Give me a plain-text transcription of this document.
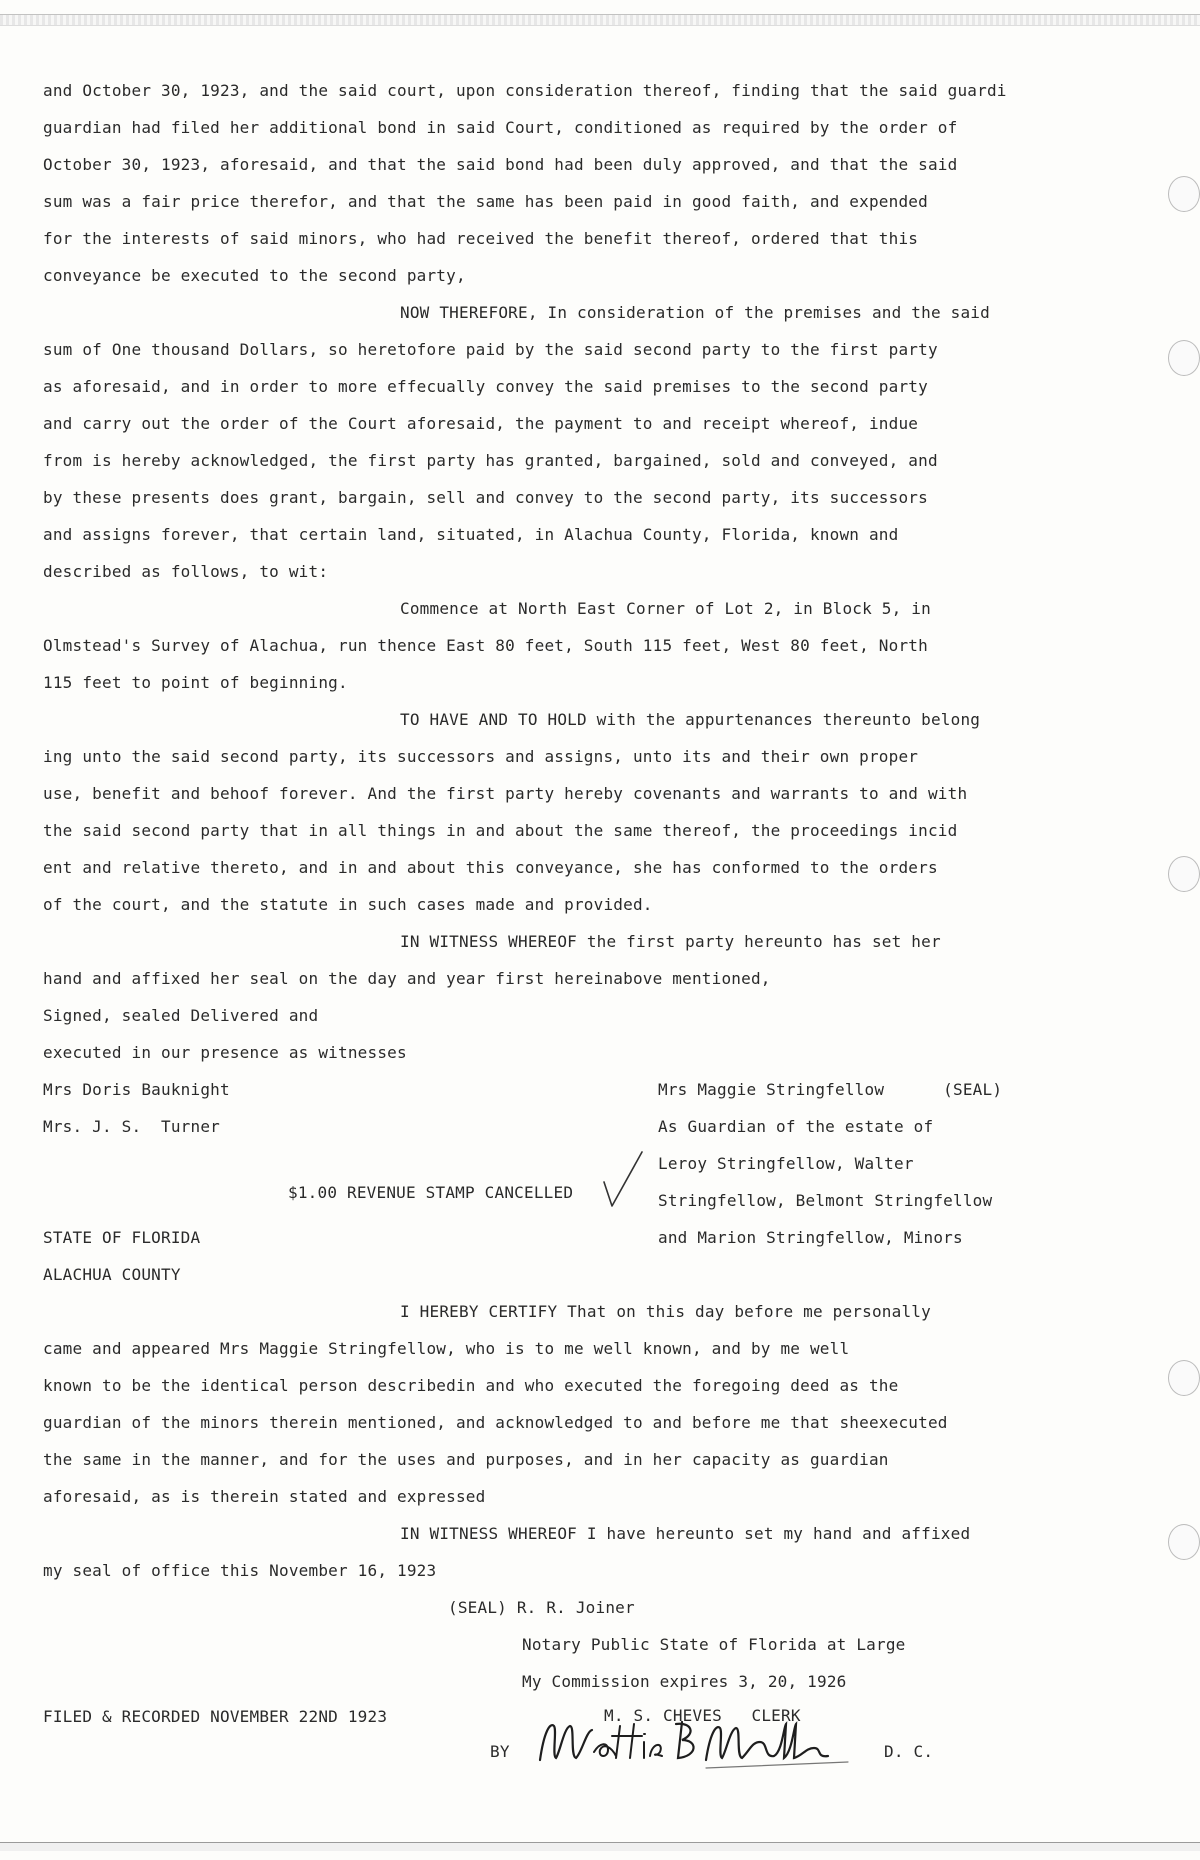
and October 30, 1923, and the said court, upon consideration thereof, finding that the said guardi
guardian had filed her additional bond in said Court, conditioned as required by the order of
October 30, 1923, aforesaid, and that the said bond had been duly approved, and that the said
sum was a fair price therefor, and that the same has been paid in good faith, and expended
for the interests of said minors, who had received the benefit thereof, ordered that this
conveyance be executed to the second party,
NOW THEREFORE, In consideration of the premises and the said
sum of One thousand Dollars, so heretofore paid by the said second party to the first party
as aforesaid, and in order to more effecually convey the said premises to the second party
and carry out the order of the Court aforesaid, the payment to and receipt whereof, indue
from is hereby acknowledged, the first party has granted, bargained, sold and conveyed, and
by these presents does grant, bargain, sell and convey to the second party, its successors
and assigns forever, that certain land, situated, in Alachua County, Florida, known and
described as follows, to wit:
Commence at North East Corner of Lot 2, in Block 5, in
Olmstead's Survey of Alachua, run thence East 80 feet, South 115 feet, West 80 feet, North
115 feet to point of beginning.
TO HAVE AND TO HOLD with the appurtenances thereunto belong
ing unto the said second party, its successors and assigns, unto its and their own proper
use, benefit and behoof forever. And the first party hereby covenants and warrants to and with
the said second party that in all things in and about the same thereof, the proceedings incid
ent and relative thereto, and in and about this conveyance, she has conformed to the orders
of the court, and the statute in such cases made and provided.
IN WITNESS WHEREOF the first party hereunto has set her
hand and affixed her seal on the day and year first hereinabove mentioned,
Signed, sealed Delivered and
executed in our presence as witnesses
Mrs Doris Bauknight
Mrs. J. S.  Turner
Mrs Maggie Stringfellow      (SEAL)
As Guardian of the estate of
Leroy Stringfellow, Walter
Stringfellow, Belmont Stringfellow
and Marion Stringfellow, Minors
$1.00 REVENUE STAMP CANCELLED
STATE OF FLORIDA
ALACHUA COUNTY
I HEREBY CERTIFY That on this day before me personally
came and appeared Mrs Maggie Stringfellow, who is to me well known, and by me well
known to be the identical person describedin and who executed the foregoing deed as the
guardian of the minors therein mentioned, and acknowledged to and before me that sheexecuted
the same in the manner, and for the uses and purposes, and in her capacity as guardian
aforesaid, as is therein stated and expressed
IN WITNESS WHEREOF I have hereunto set my hand and affixed
my seal of office this November 16, 1923
(SEAL) R. R. Joiner
Notary Public State of Florida at Large
My Commission expires 3, 20, 1926
FILED & RECORDED NOVEMBER 22ND 1923	M. S. CHEVES   CLERK
BY	D. C.
